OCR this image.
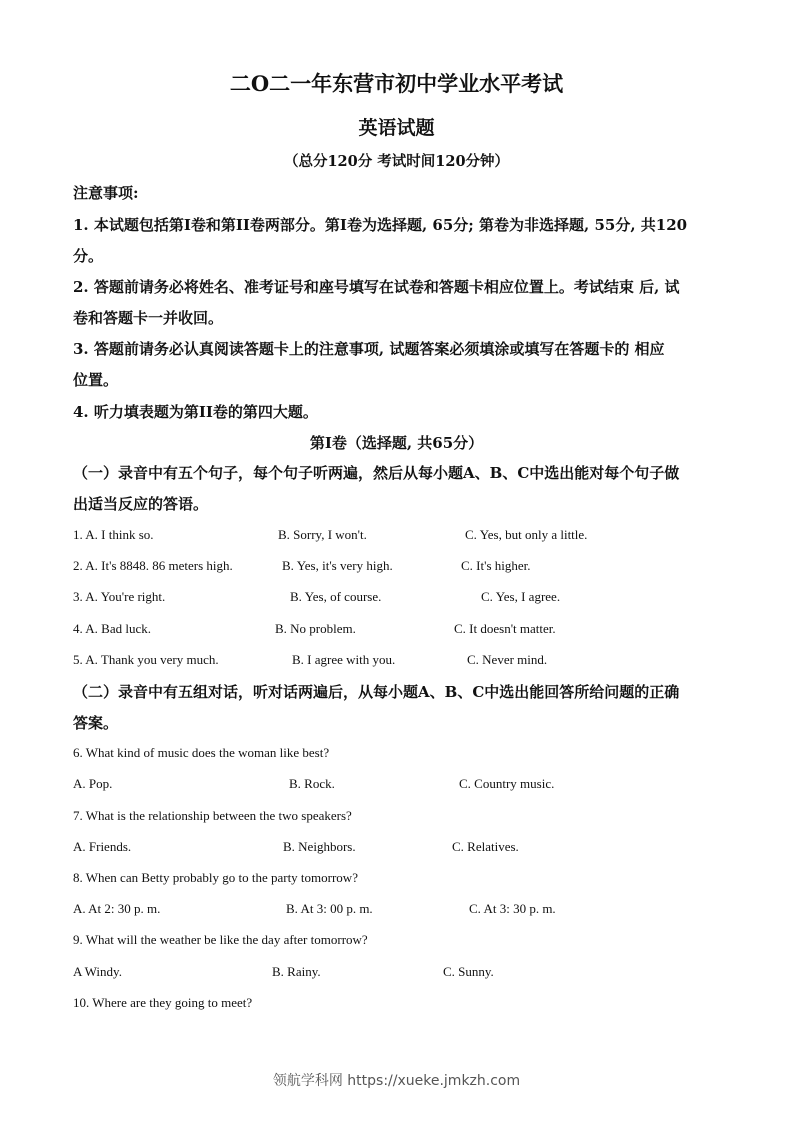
二O二一年东营市初中学业水平考试
英语试题
（总分120分 考试时间120分钟）
注意事项:
1. 本试题包括第I卷和第II卷两部分。第I卷为选择题, 65分; 第卷为非选择题, 55分, 共120
分。
2. 答题前请务必将姓名、准考证号和座号填写在试卷和答题卡相应位置上。考试结束 后, 试
卷和答题卡一并收回。
3. 答题前请务必认真阅读答题卡上的注意事项, 试题答案必须填涂或填写在答题卡的 相应
位置。
4. 听力填表题为第II卷的第四大题。
第I卷（选择题, 共65分）
（一）录音中有五个句子，每个句子听两遍，然后从每小题A、B、C中选出能对每个句子做
出适当反应的答语。
1. A. I think so.	B. Sorry, I won't.	C. Yes, but only a little.
2. A. It's 8848. 86 meters high.	B. Yes, it's very high.	C. It's higher.
3. A. You're right.	B. Yes, of course.	C. Yes, I agree.
4. A. Bad luck.	B. No problem.	C. It doesn't matter.
5. A. Thank you very much.	B. I agree with you.	C. Never mind.
（二）录音中有五组对话，听对话两遍后，从每小题A、B、C中选出能回答所给问题的正确
答案。
6. What kind of music does the woman like best?
A. Pop.	B. Rock.	C. Country music.
7. What is the relationship between the two speakers?
A. Friends.	B. Neighbors.	C. Relatives.
8. When can Betty probably go to the party tomorrow?
A. At 2: 30 p. m.	B. At 3: 00 p. m.	C. At 3: 30 p. m.
9. What will the weather be like the day after tomorrow?
A Windy.	B. Rainy.	C. Sunny.
10. Where are they going to meet?
领航学科网 https://xueke.jmkzh.com
